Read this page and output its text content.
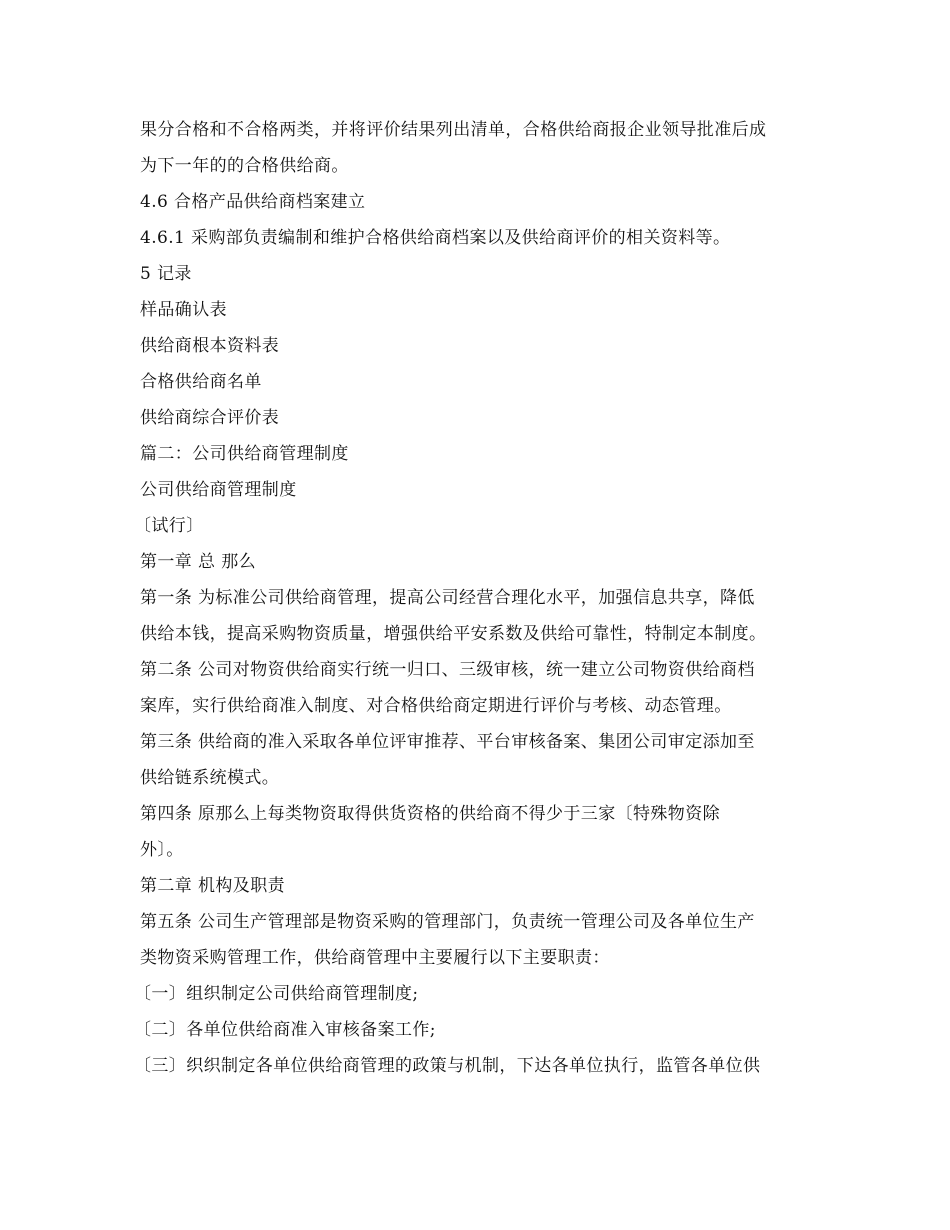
果分合格和不合格两类，并将评价结果列出清单，合格供给商报企业领导批准后成
为下一年的的合格供给商。
4.6 合格产品供给商档案建立
4.6.1 采购部负责编制和维护合格供给商档案以及供给商评价的相关资料等。
5 记录
样品确认表
供给商根本资料表
合格供给商名单
供给商综合评价表
篇二：公司供给商管理制度
公司供给商管理制度
〔试行〕
第一章 总 那么
第一条 为标准公司供给商管理，提高公司经营合理化水平，加强信息共享，降低
供给本钱，提高采购物资质量，增强供给平安系数及供给可靠性，特制定本制度。
第二条 公司对物资供给商实行统一归口、三级审核，统一建立公司物资供给商档
案库，实行供给商准入制度、对合格供给商定期进行评价与考核、动态管理。
第三条 供给商的准入采取各单位评审推荐、平台审核备案、集团公司审定添加至
供给链系统模式。
第四条 原那么上每类物资取得供货资格的供给商不得少于三家〔特殊物资除
外〕。
第二章 机构及职责
第五条 公司生产管理部是物资采购的管理部门，负责统一管理公司及各单位生产
类物资采购管理工作，供给商管理中主要履行以下主要职责：
〔一〕组织制定公司供给商管理制度;
〔二〕各单位供给商准入审核备案工作;
〔三〕织织制定各单位供给商管理的政策与机制，下达各单位执行，监管各单位供
